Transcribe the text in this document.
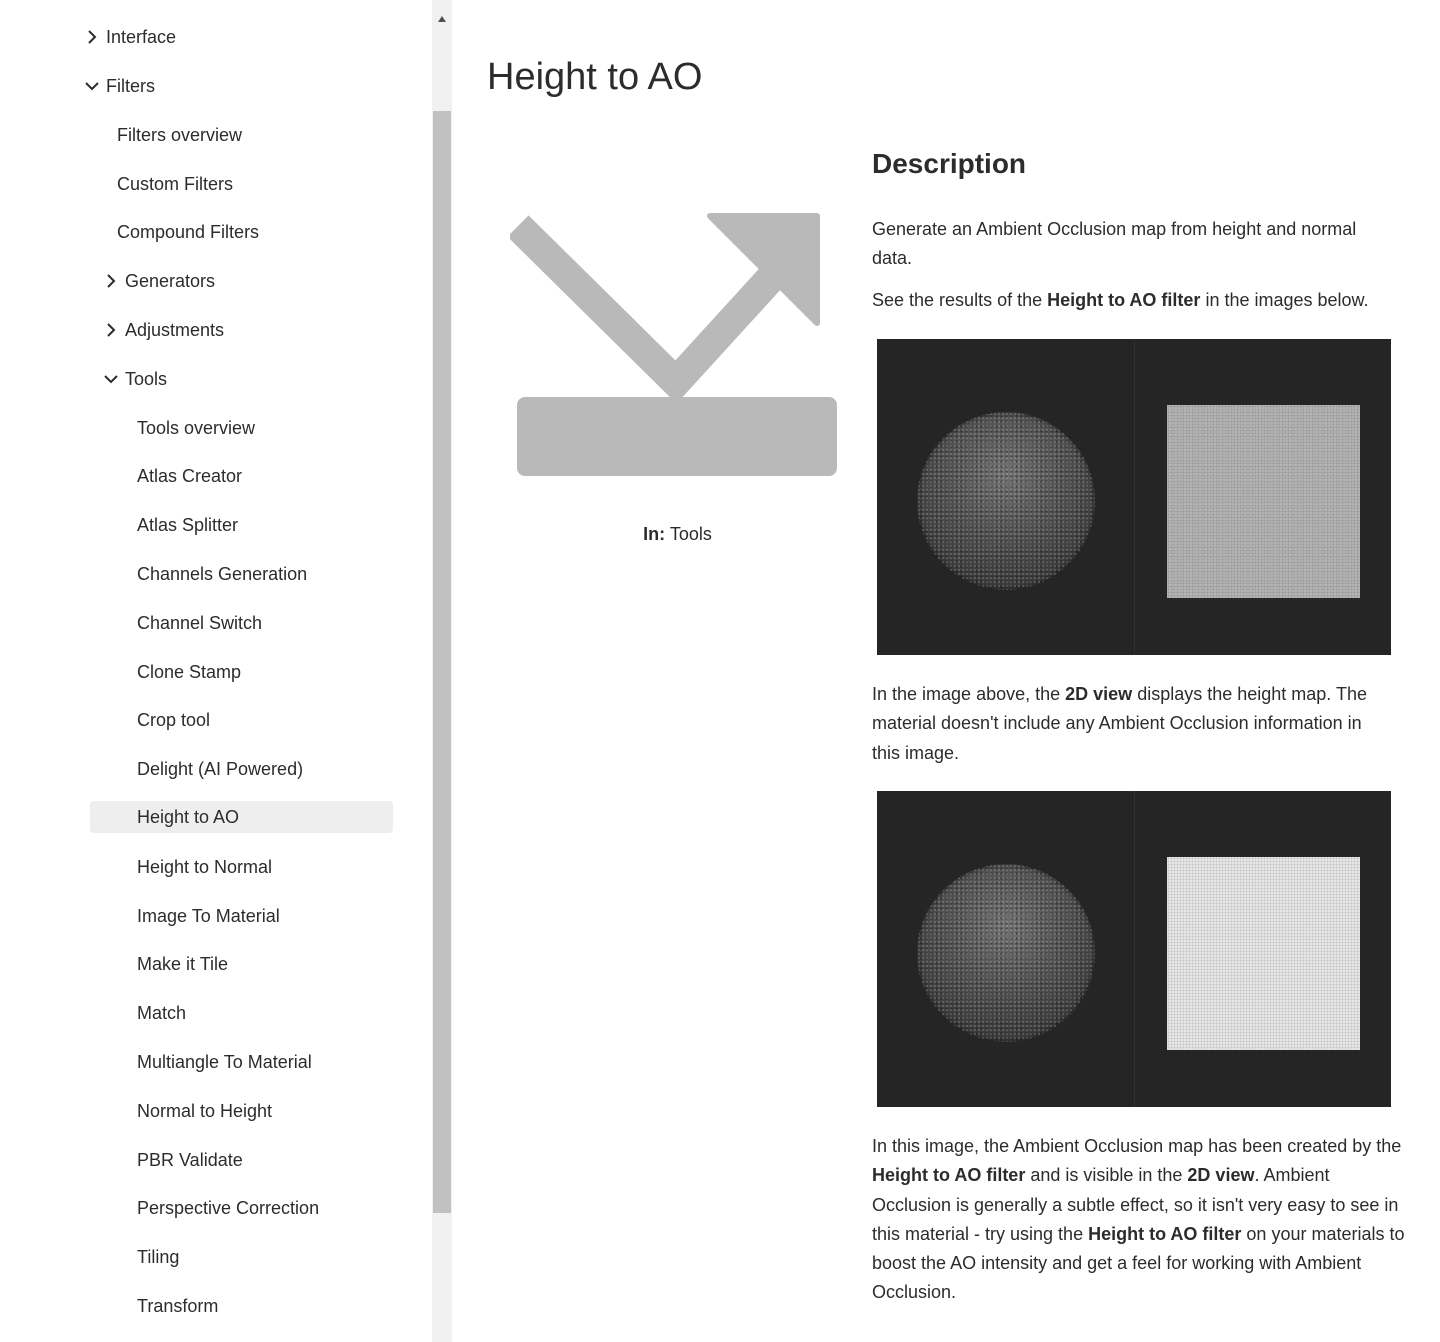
Interface
Filters
Filters overview
Custom Filters
Compound Filters
Generators
Adjustments
Tools
Tools overview
Atlas Creator
Atlas Splitter
Channels Generation
Channel Switch
Clone Stamp
Crop tool
Delight (AI Powered)
Height to AO
Height to Normal
Image To Material
Make it Tile
Match
Multiangle To Material
Normal to Height
PBR Validate
Perspective Correction
Tiling
Transform
Height to AO
In: Tools
Description

Generate an Ambient Occlusion map from height and normal data.

See the results of the Height to AO filter in the images below.

In the image above, the 2D view displays the height map. The material doesn't include any Ambient Occlusion information in this image.

In this image, the Ambient Occlusion map has been created by the Height to AO filter and is visible in the 2D view. Ambient Occlusion is generally a subtle effect, so it isn't very easy to see in this material - try using the Height to AO filter on your materials to boost the AO intensity and get a feel for working with Ambient Occlusion.
